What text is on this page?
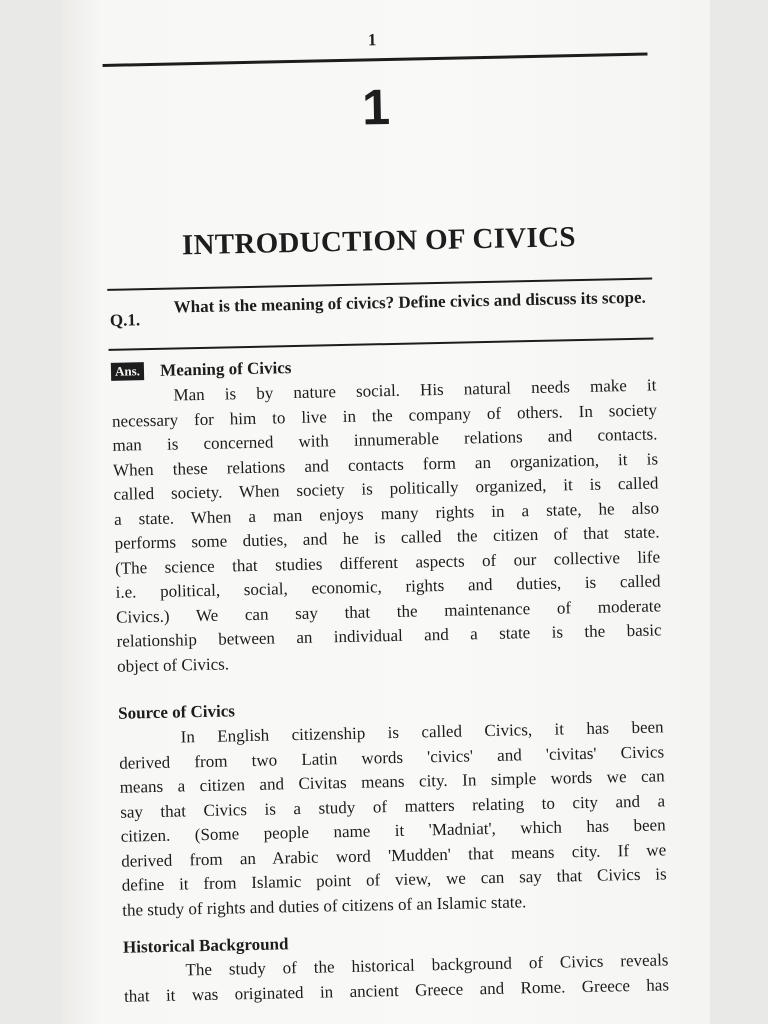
1
1
INTRODUCTION OF CIVICS
Q.1.
What is the meaning of civics? Define civics and discuss its scope.
Ans. Meaning of Civics

Man is by nature social. His natural needs make it

necessary for him to live in the company of others. In society
man is concerned with innumerable relations and contacts.
When these relations and contacts form an organization, it is
called society. When society is politically organized, it is called
a state. When a man enjoys many rights in a state, he also
performs some duties, and he is called the citizen of that state.
(The science that studies different aspects of our collective life
i.e. political, social, economic, rights and duties, is called
Civics.) We can say that the maintenance of moderate
relationship between an individual and a state is the basic
object of Civics.
Source of Civics

In English citizenship is called Civics, it has been

derived from two Latin words 'civics' and 'civitas' Civics
means a citizen and Civitas means city. In simple words we can
say that Civics is a study of matters relating to city and a
citizen. (Some people name it 'Madniat', which has been
derived from an Arabic word 'Mudden' that means city. If we
define it from Islamic point of view, we can say that Civics is
the study of rights and duties of citizens of an Islamic state.
Historical Background

The study of the historical background of Civics reveals

that it was originated in ancient Greece and Rome. Greece has
